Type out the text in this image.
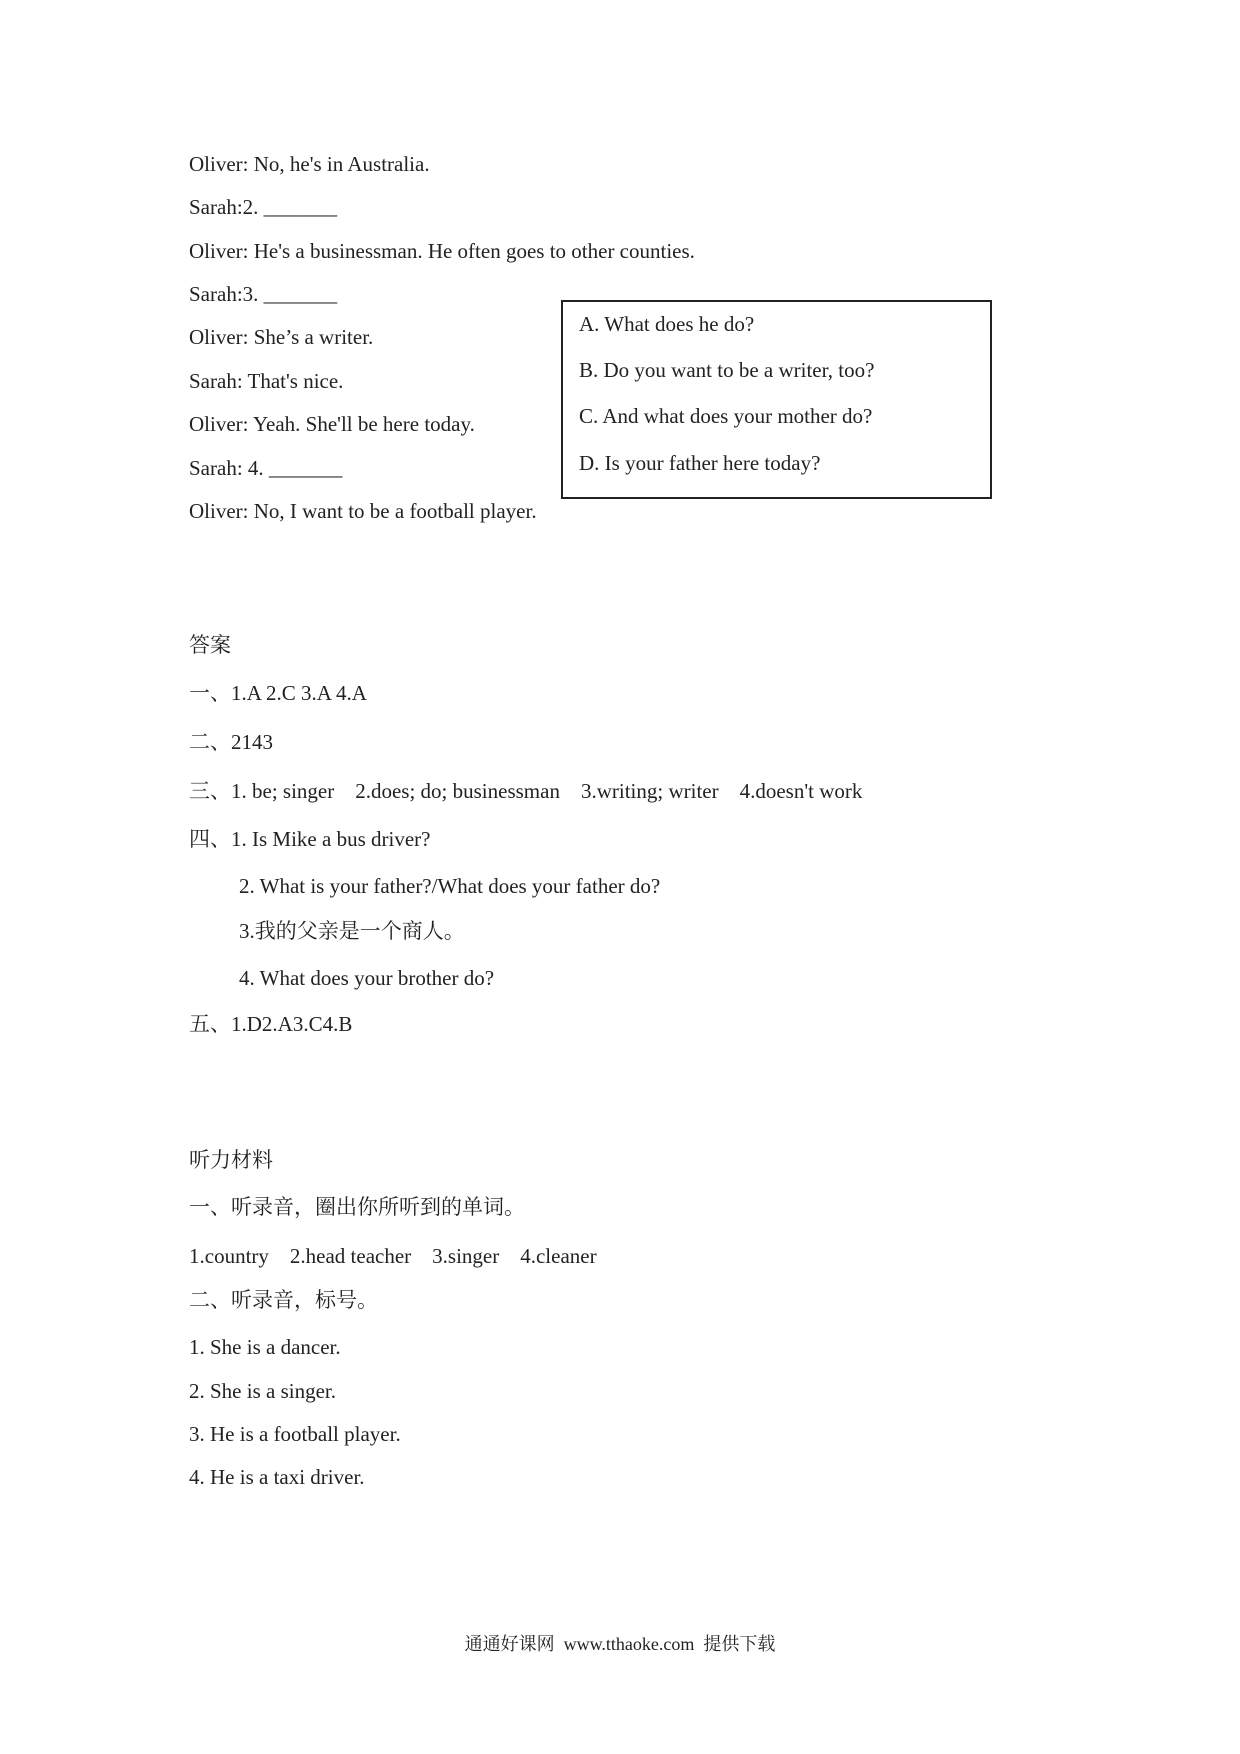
Oliver: No, he's in Australia.
Sarah:2. _______
Oliver: He's a businessman. He often goes to other counties.
Sarah:3. _______
Oliver: She’s a writer.
Sarah: That's nice.
Oliver: Yeah. She'll be here today.
Sarah: 4. _______
Oliver: No, I want to be a football player.
A. What does he do?
B. Do you want to be a writer, too?
C. And what does your mother do?
D. Is your father here today?
答案
一、1.A 2.C 3.A 4.A
二、2143
三、1. be; singer    2.does; do; businessman    3.writing; writer    4.doesn't work
四、1. Is Mike a bus driver?
2. What is your father?/What does your father do?
3.我的父亲是一个商人。
4. What does your brother do?
五、1.D2.A3.C4.B
听力材料
一、听录音，圈出你所听到的单词。
1.country    2.head teacher    3.singer    4.cleaner
二、听录音，标号。
1. She is a dancer.
2. She is a singer.
3. He is a football player.
4. He is a taxi driver.
通通好课网  www.tthaoke.com  提供下载
